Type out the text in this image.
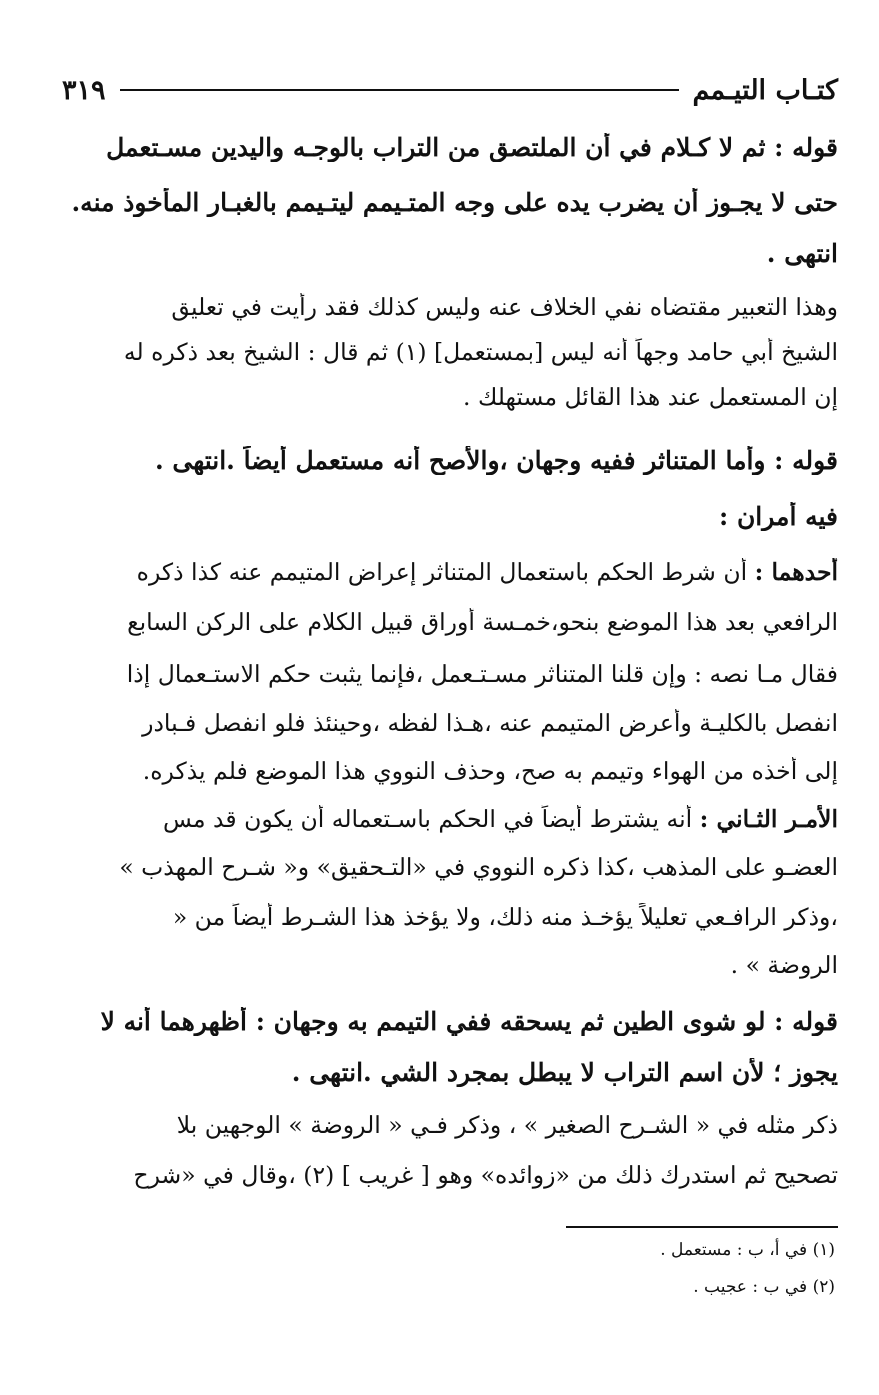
كتـاب التيـمم
٣١٩
قوله : ثم لا كـلام في أن الملتصق من التراب بالوجـه واليدين مسـتعمل
حتى لا يجـوز أن يضرب يده على وجه المتـيمم ليتـيمم بالغبـار المأخوذ منه.
انتهى .
وهذا التعبير مقتضاه نفي الخلاف عنه وليس كذلك فقد رأيت في تعليق
الشيخ أبي حامد وجهاً أنه ليس [بمستعمل] (١) ثم قال : الشيخ بعد ذكره له
إن المستعمل عند هذا القائل مستهلك .
قوله : وأما المتناثر ففيه وجهان ،والأصح أنه مستعمل أيضاً .انتهى .
فيه أمران :
أحدهما : أن شرط الحكم باستعمال المتناثر إعراض المتيمم عنه كذا ذكره
الرافعي بعد هذا الموضع بنحو،خمـسة أوراق قبيل الكلام على الركن السابع
فقال مـا نصه : وإن قلنا المتناثر مسـتـعمل ،فإنما يثبت حكم الاستـعمال إذا
انفصل بالكليـة وأعرض المتيمم عنه ،هـذا لفظه ،وحينئذ فلو انفصل فـبادر
إلى أخذه من الهواء وتيمم به صح، وحذف النووي هذا الموضع فلم يذكره.
الأمـر الثـاني : أنه يشترط أيضاً في الحكم باسـتعماله أن يكون قد مس
العضـو على المذهب ،كذا ذكره النووي في «التـحقيق» و« شـرح المهذب »
،وذكر الرافـعي تعليلاً يؤخـذ منه ذلك، ولا يؤخذ هذا الشـرط أيضاً من «
الروضة » .
قوله : لو شوى الطين ثم يسحقه ففي التيمم به وجهان : أظهرهما أنه لا
يجوز ؛ لأن اسم التراب لا يبطل بمجرد الشي .انتهى .
ذكر مثله في « الشـرح الصغير » ، وذكر فـي « الروضة » الوجهين بلا
تصحيح ثم استدرك ذلك من «زوائده» وهو [ غريب ] (٢) ،وقال في «شرح
(١) في أ، ب : مستعمل .
(٢) في ب : عجيب .
